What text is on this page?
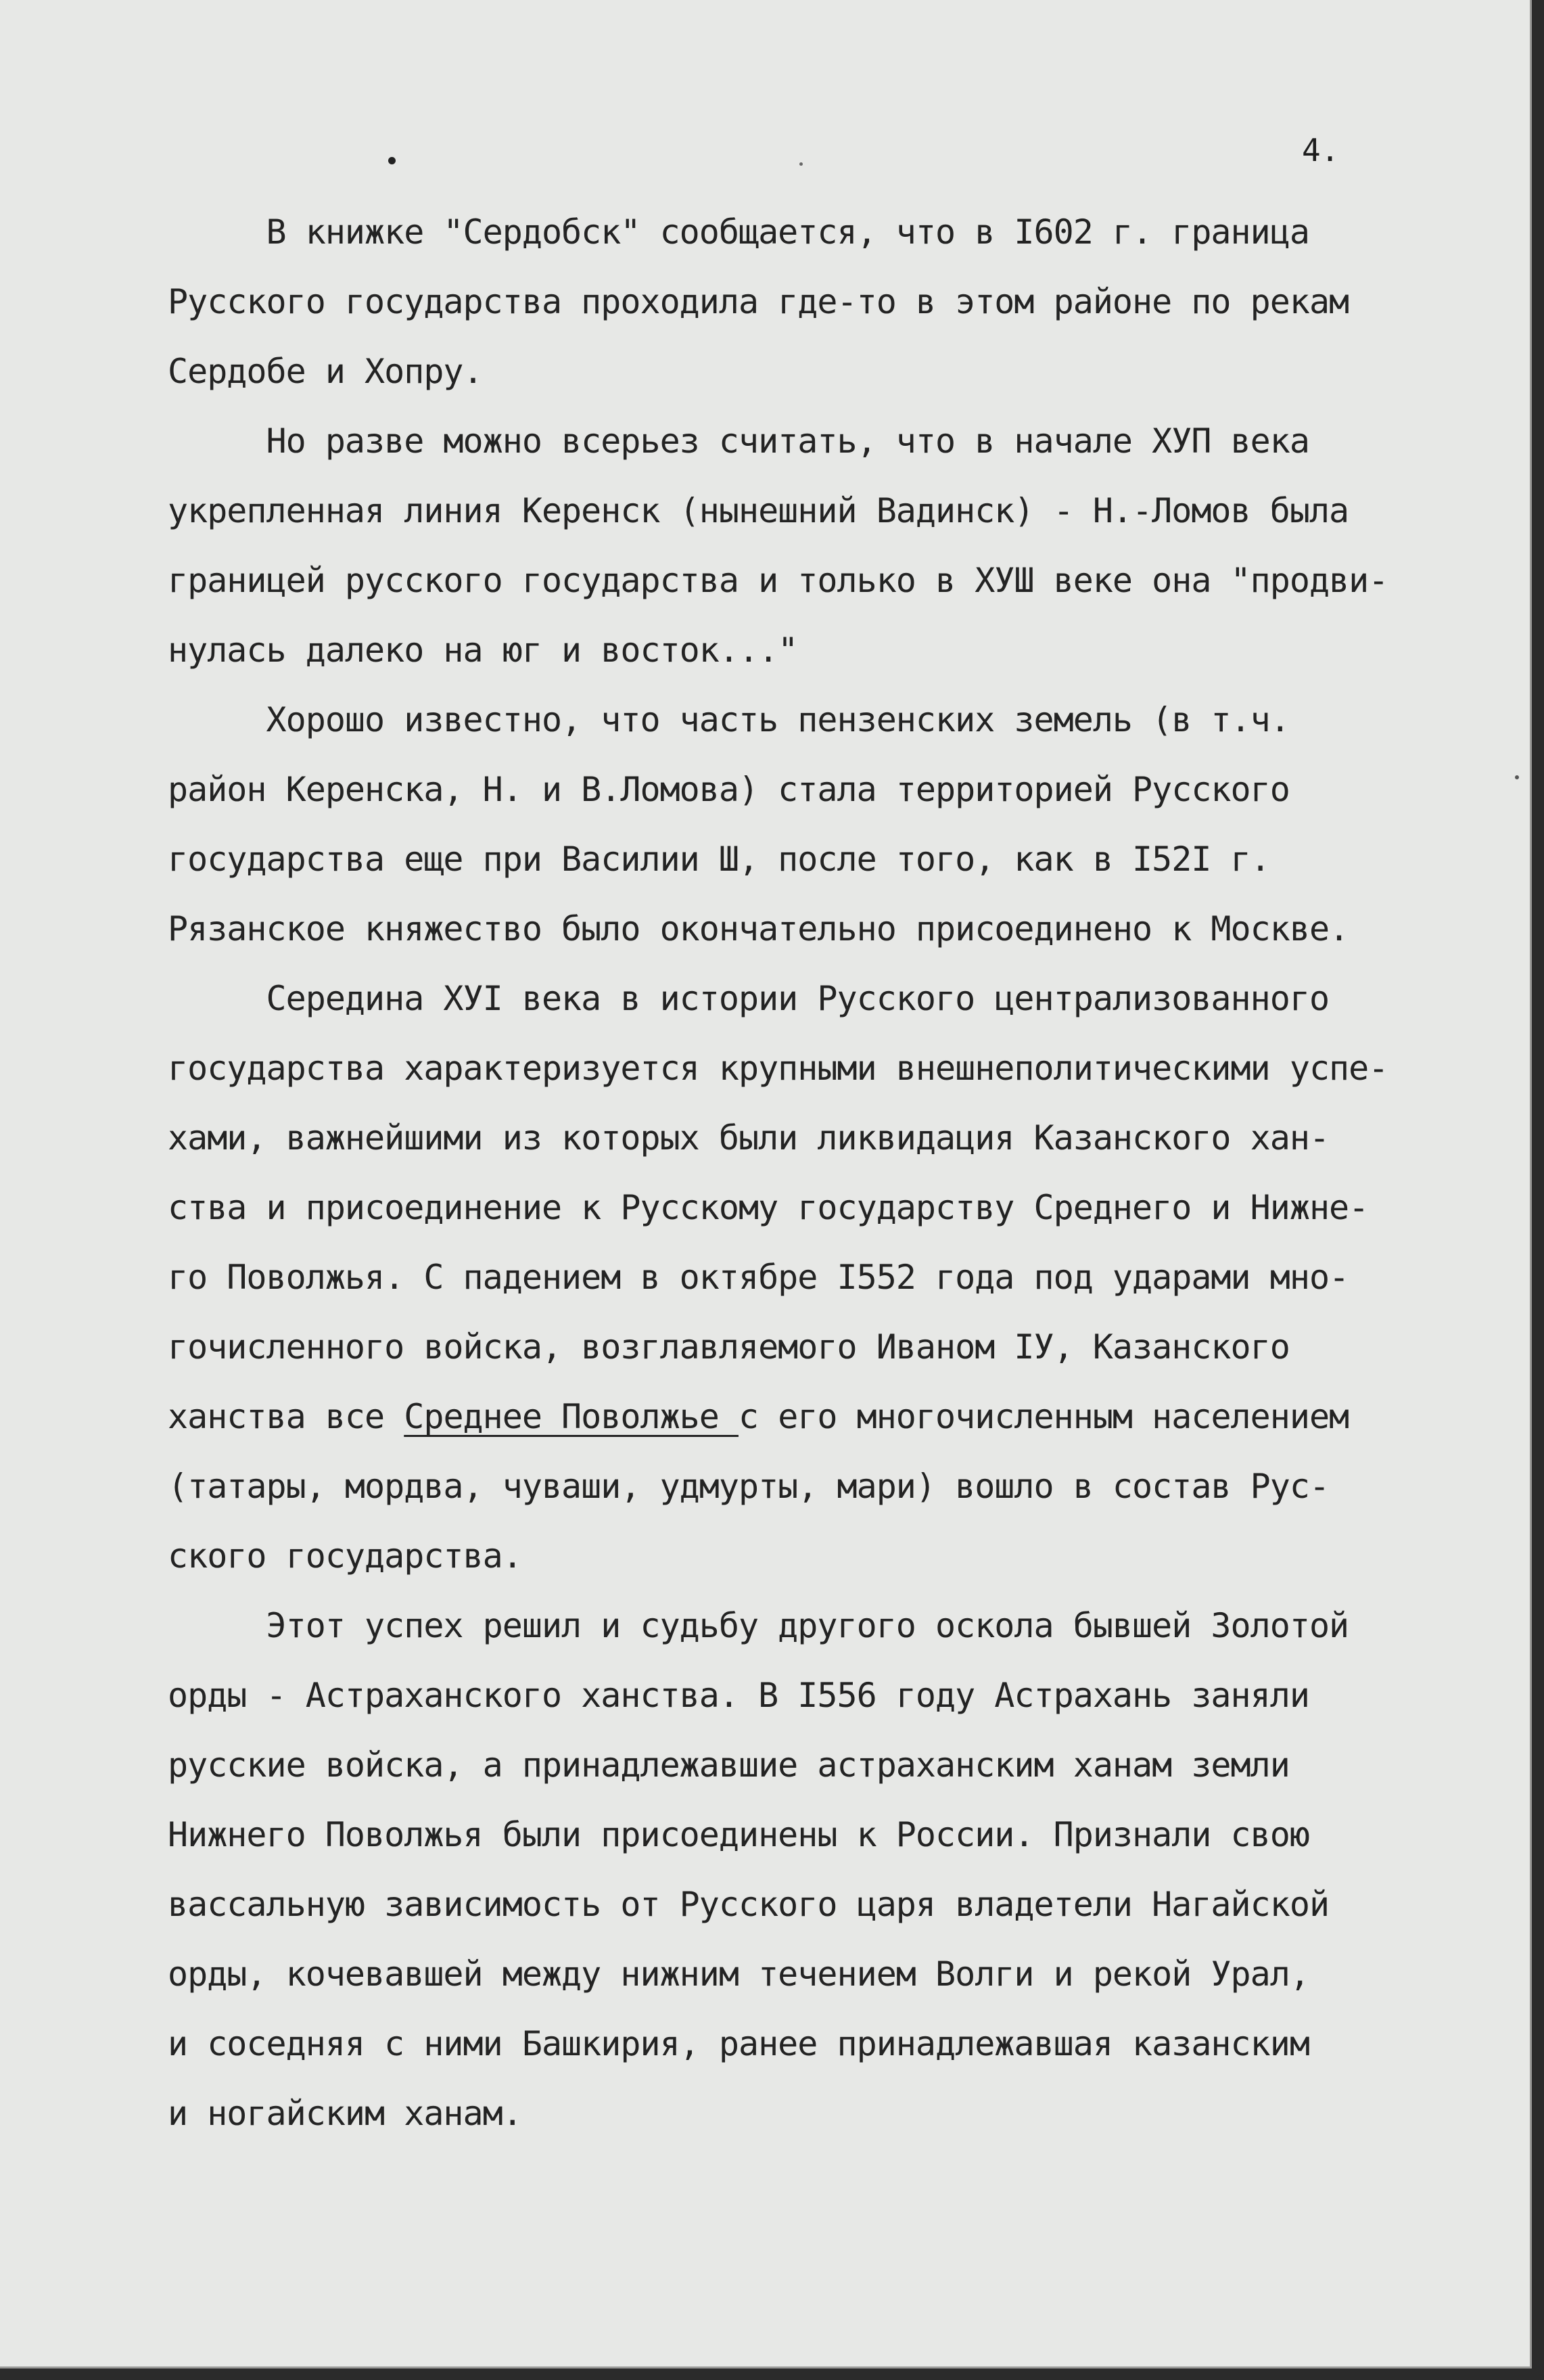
4.
В книжке "Сердобск" сообщается, что в I602 г. граница
Русского государства проходила где-то в этом районе по рекам
Сердобе и Хопру.
Но разве можно всерьез считать, что в начале ХУП века
укрепленная линия Керенск (нынешний Вадинск) - Н.-Ломов была
границей русского государства и только в ХУШ веке она "продви-
нулась далеко на юг и восток..."
Хорошо известно, что часть пензенских земель (в т.ч.
район Керенска, Н. и В.Ломова) стала территорией Русского
государства еще при Василии Ш, после того, как в I52I г.
Рязанское княжество было окончательно присоединено к Москве.
Середина ХУI века в истории Русского централизованного
государства характеризуется крупными внешнеполитическими успе-
хами, важнейшими из которых были ликвидация Казанского хан-
ства и присоединение к Русскому государству Среднего и Нижне-
го Поволжья. С падением в октябре I552 года под ударами мно-
гочисленного войска, возглавляемого Иваном IУ, Казанского
ханства все Среднее Поволжье с его многочисленным населением
(татары, мордва, чуваши, удмурты, мари) вошло в состав Рус-
ского государства.
Этот успех решил и судьбу другого оскола бывшей Золотой
орды - Астраханского ханства. В I556 году Астрахань заняли
русские войска, а принадлежавшие астраханским ханам земли
Нижнего Поволжья были присоединены к России. Признали свою
вассальную зависимость от Русского царя владетели Нагайской
орды, кочевавшей между нижним течением Волги и рекой Урал,
и соседняя с ними Башкирия, ранее принадлежавшая казанским
и ногайским ханам.
